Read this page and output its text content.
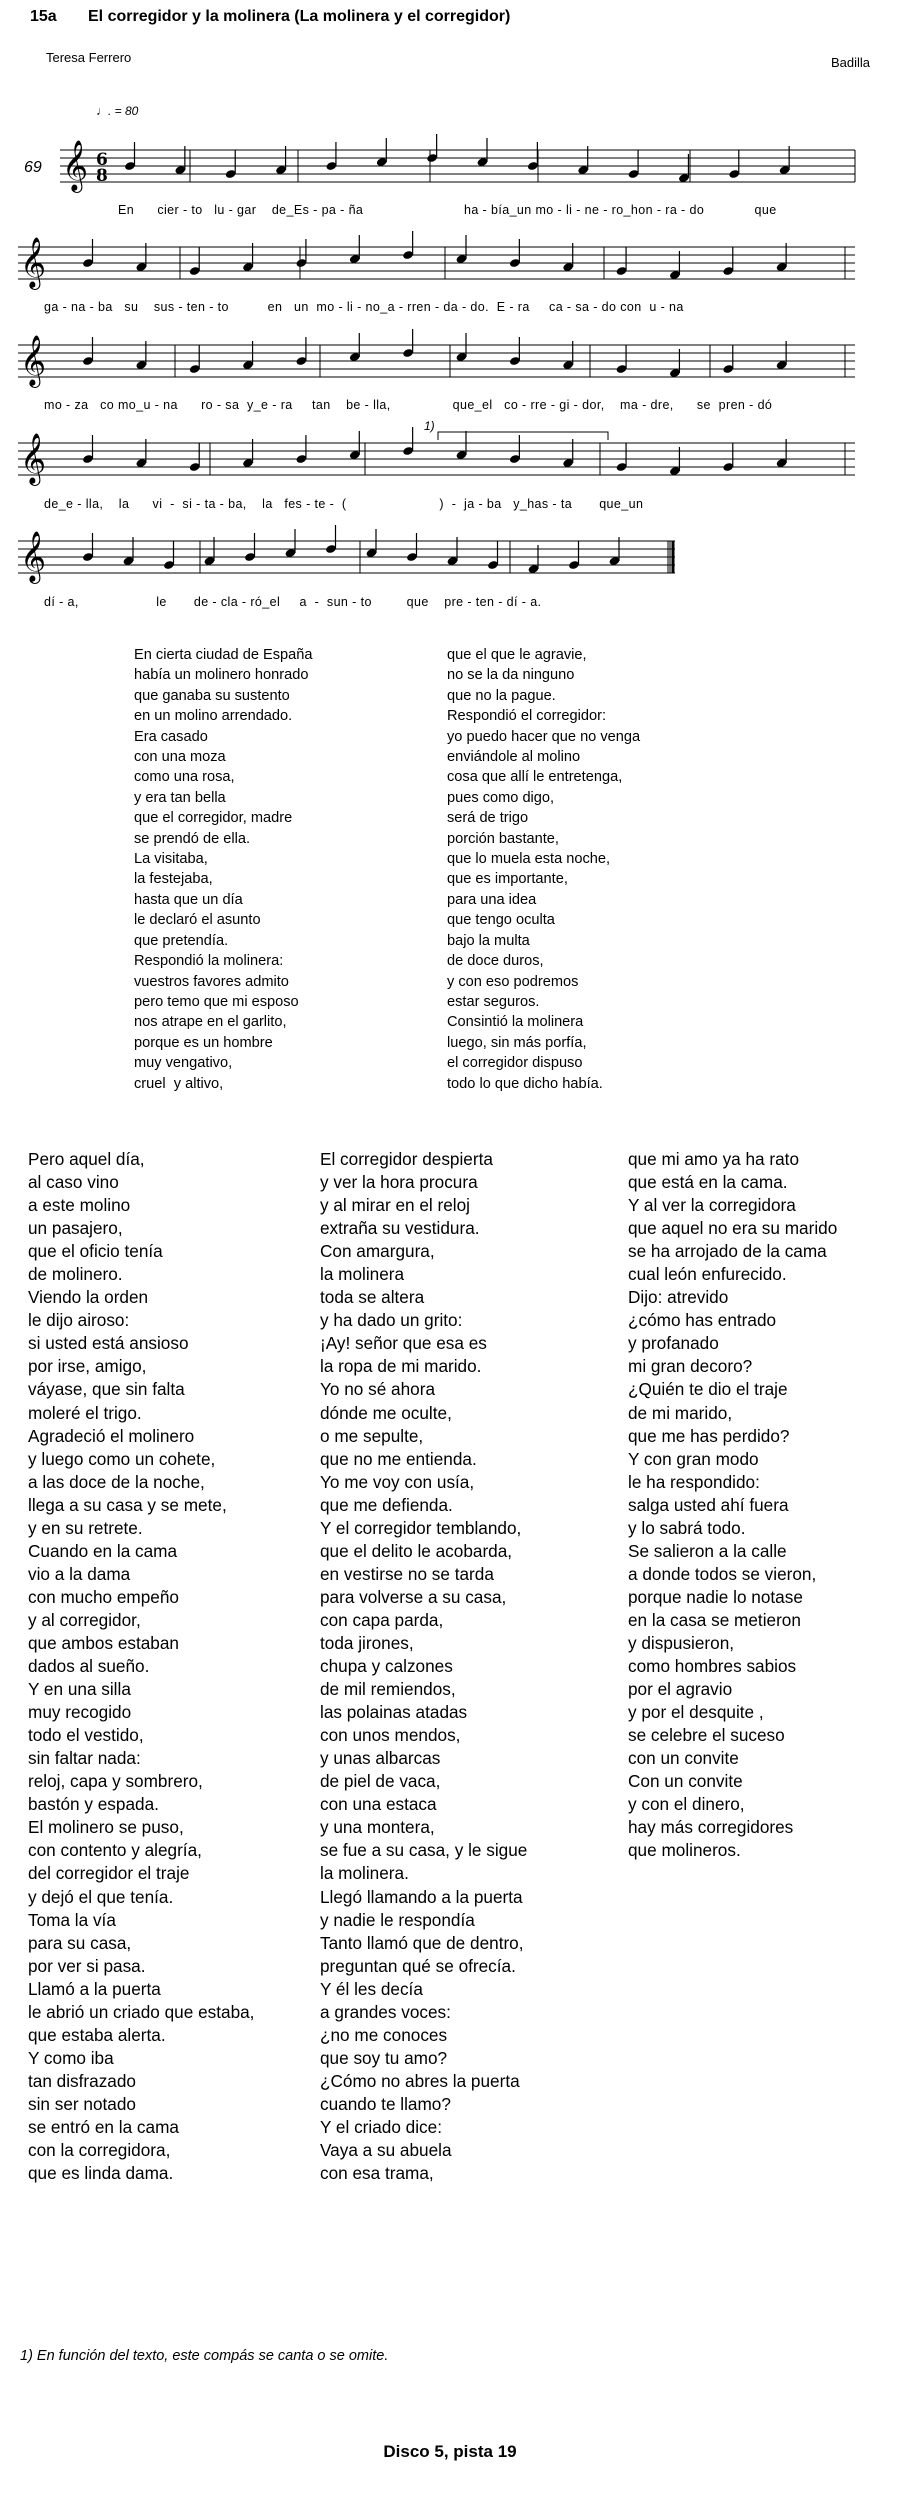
15a El corregidor y la molinera (La molinera y el corregidor)
Teresa Ferrero	Badilla
♩. = 80
𝄞
𝄞
𝄞
𝄞
𝄞
6
8
69
1)
En      cier - to   lu - gar    de_Es - pa - ña                          ha - bía_un mo - li - ne - ro_hon - ra - do             que
ga - na - ba   su    sus - ten - to          en   un  mo - li - no_a - rren - da - do.  E - ra     ca - sa - do con  u - na
mo - za   co mo_u - na      ro - sa  y_e - ra     tan    be - lla,                que_el   co - rre - gi - dor,    ma - dre,      se  pren - dó
de_e - lla,    la      vi  -  si - ta - ba,    la   fes - te -  (                        )  -  ja - ba   y_has - ta       que_un
dí - a,                    le       de - cla - ró_el     a  -  sun - to         que    pre - ten - dí - a.
En cierta ciudad de España
había un molinero honrado
que ganaba su sustento
en un molino arrendado.
Era casado
con una moza
como una rosa,
y era tan bella
que el corregidor, madre
se prendó de ella.
La visitaba,
la festejaba,
hasta que un día
le declaró el asunto
que pretendía.
Respondió la molinera:
vuestros favores admito
pero temo que mi esposo
nos atrape en el garlito,
porque es un hombre
muy vengativo,
cruel  y altivo,
que el que le agravie,
no se la da ninguno
que no la pague.
Respondió el corregidor:
yo puedo hacer que no venga
enviándole al molino
cosa que allí le entretenga,
pues como digo,
será de trigo
porción bastante,
que lo muela esta noche,
que es importante,
para una idea
que tengo oculta
bajo la multa
de doce duros,
y con eso podremos
estar seguros.
Consintió la molinera
luego, sin más porfía,
el corregidor dispuso
todo lo que dicho había.
Pero aquel día,
al caso vino
a este molino
un pasajero,
que el oficio tenía
de molinero.
Viendo la orden
le dijo airoso:
si usted está ansioso
por irse, amigo,
váyase, que sin falta
moleré el trigo.
Agradeció el molinero
y luego como un cohete,
a las doce de la noche,
llega a su casa y se mete,
y en su retrete.
Cuando en la cama
vio a la dama
con mucho empeño
y al corregidor,
que ambos estaban
dados al sueño.
Y en una silla
muy recogido
todo el vestido,
sin faltar nada:
reloj, capa y sombrero,
bastón y espada.
El molinero se puso,
con contento y alegría,
del corregidor el traje
y dejó el que tenía.
Toma la vía
para su casa,
por ver si pasa.
Llamó a la puerta
le abrió un criado que estaba,
que estaba alerta.
Y como iba
tan disfrazado
sin ser notado
se entró en la cama
con la corregidora,
que es linda dama.
El corregidor despierta
y ver la hora procura
y al mirar en el reloj
extraña su vestidura.
Con amargura,
la molinera
toda se altera
y ha dado un grito:
¡Ay! señor que esa es
la ropa de mi marido.
Yo no sé ahora
dónde me oculte,
o me sepulte,
que no me entienda.
Yo me voy con usía,
que me defienda.
Y el corregidor temblando,
que el delito le acobarda,
en vestirse no se tarda
para volverse a su casa,
con capa parda,
toda jirones,
chupa y calzones
de mil remiendos,
las polainas atadas
con unos mendos,
y unas albarcas
de piel de vaca,
con una estaca
y una montera,
se fue a su casa, y le sigue
la molinera.
Llegó llamando a la puerta
y nadie le respondía
Tanto llamó que de dentro,
preguntan qué se ofrecía.
Y él les decía
a grandes voces:
¿no me conoces
que soy tu amo?
¿Cómo no abres la puerta
cuando te llamo?
Y el criado dice:
Vaya a su abuela
con esa trama,
que mi amo ya ha rato
que está en la cama.
Y al ver la corregidora
que aquel no era su marido
se ha arrojado de la cama
cual león enfurecido.
Dijo: atrevido
¿cómo has entrado
y profanado
mi gran decoro?
¿Quién te dio el traje
de mi marido,
que me has perdido?
Y con gran modo
le ha respondido:
salga usted ahí fuera
y lo sabrá todo.
Se salieron a la calle
a donde todos se vieron,
porque nadie lo notase
en la casa se metieron
y dispusieron,
como hombres sabios
por el agravio
y por el desquite ,
se celebre el suceso
con un convite
Con un convite
y con el dinero,
hay más corregidores
que molineros.
1) En función del texto, este compás se canta o se omite.
Disco 5, pista 19
